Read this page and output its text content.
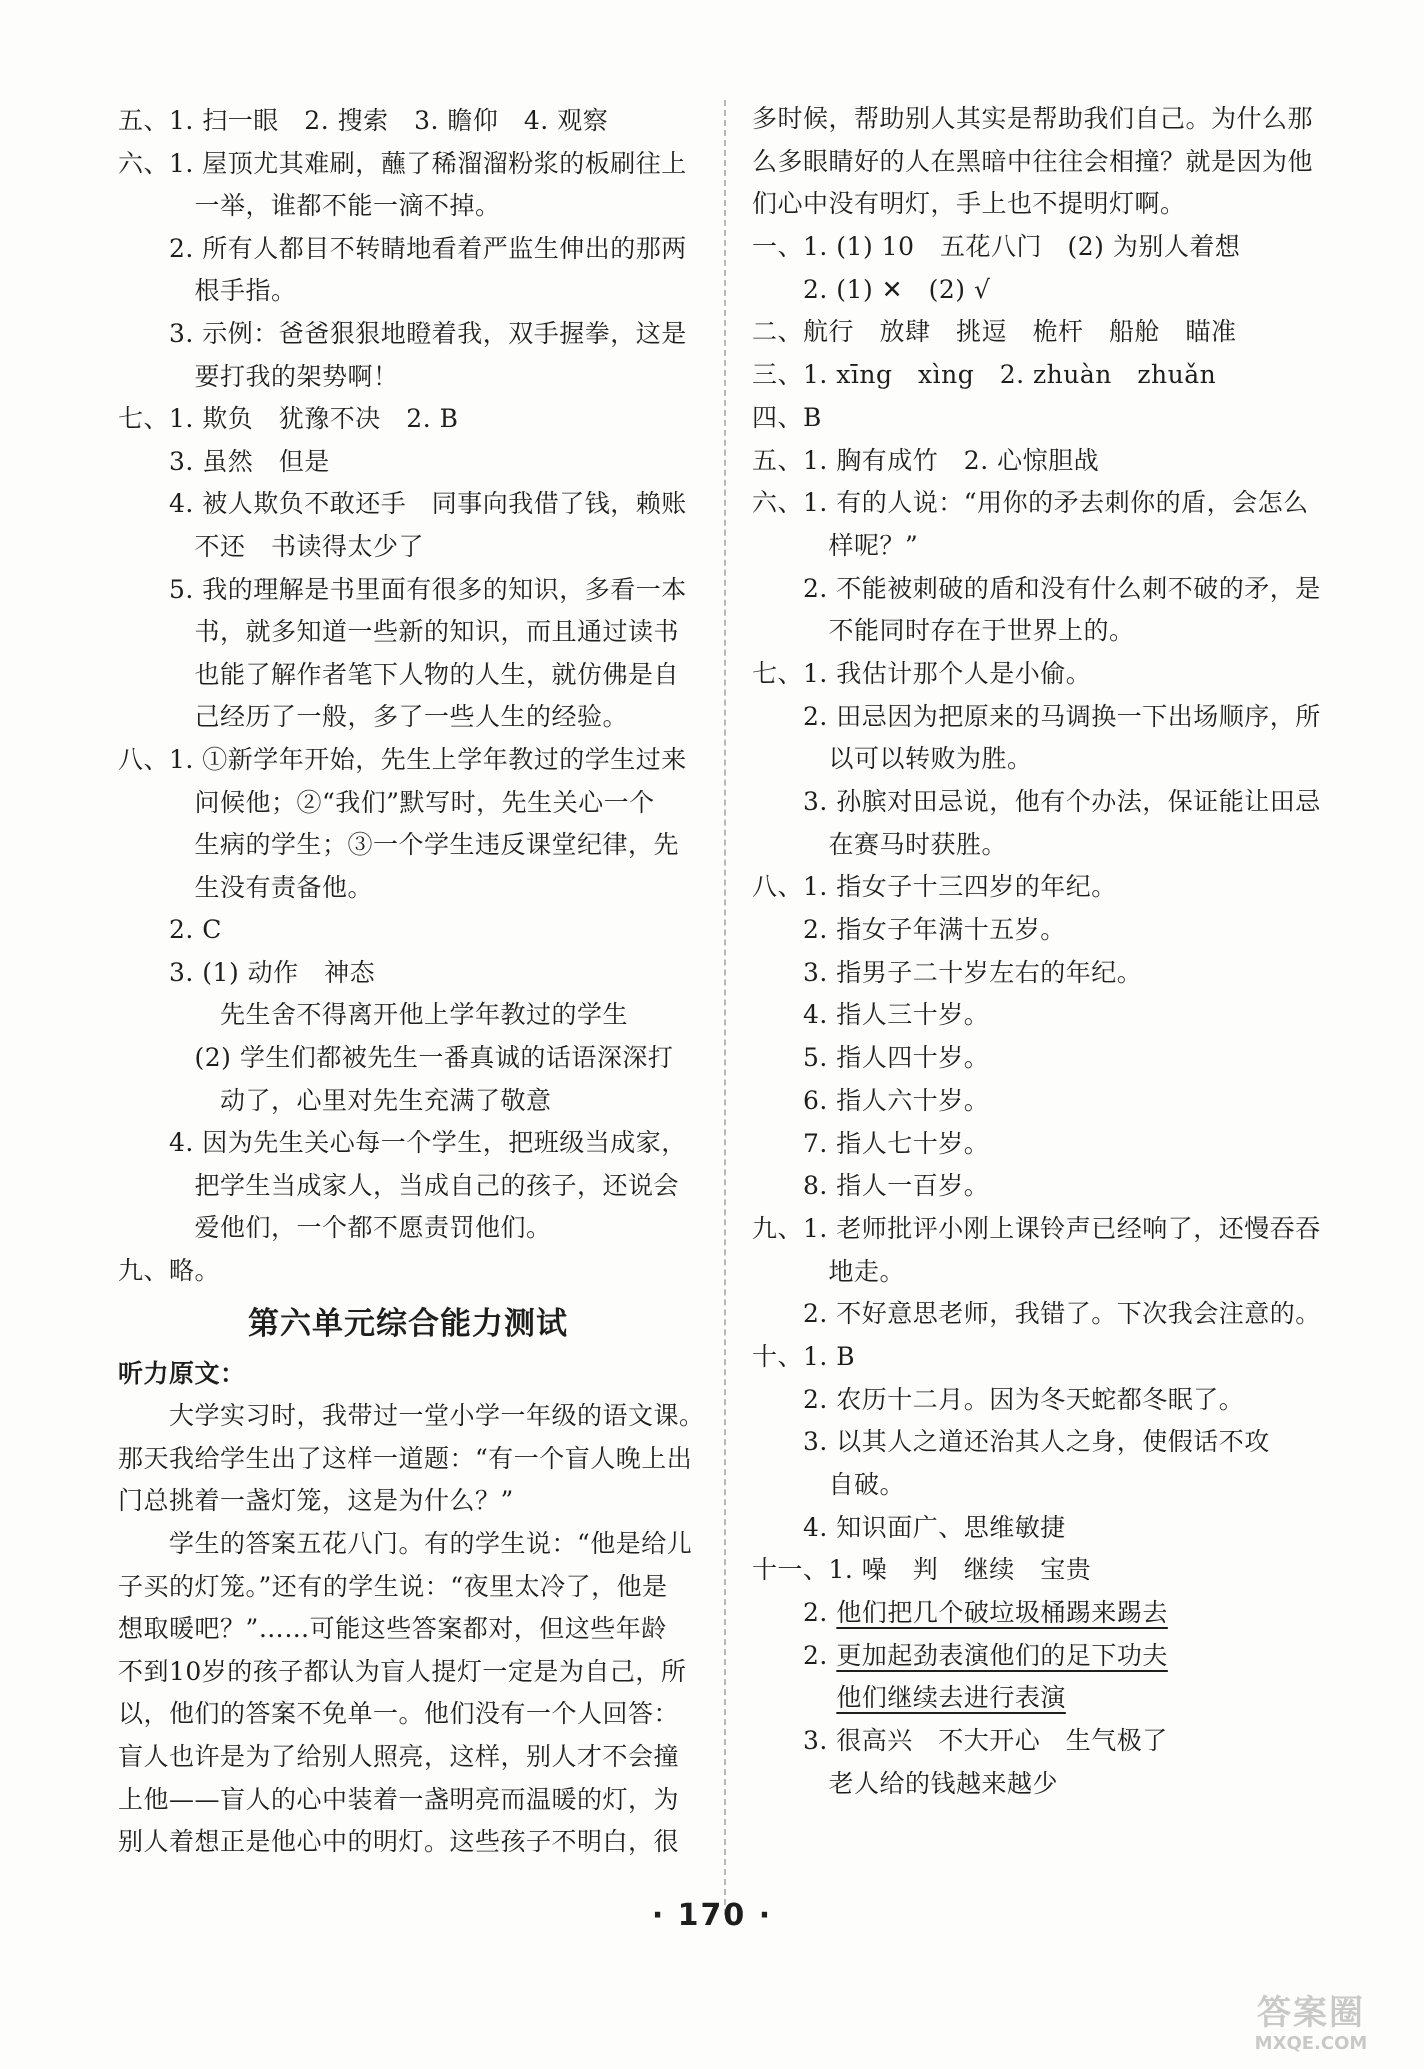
五、1. 扫一眼　2. 搜索　3. 瞻仰　4. 观察
六、1. 屋顶尤其难刷，蘸了稀溜溜粉浆的板刷往上
　　　一举，谁都不能一滴不掉。
　　2. 所有人都目不转睛地看着严监生伸出的那两
　　　根手指。
　　3. 示例：爸爸狠狠地瞪着我，双手握拳，这是
　　　要打我的架势啊！
七、1. 欺负　犹豫不决　2. B
　　3. 虽然　但是
　　4. 被人欺负不敢还手　同事向我借了钱，赖账
　　　不还　书读得太少了
　　5. 我的理解是书里面有很多的知识，多看一本
　　　书，就多知道一些新的知识，而且通过读书
　　　也能了解作者笔下人物的人生，就仿佛是自
　　　己经历了一般，多了一些人生的经验。
八、1. ①新学年开始，先生上学年教过的学生过来
　　　问候他；②“我们”默写时，先生关心一个
　　　生病的学生；③一个学生违反课堂纪律，先
　　　生没有责备他。
　　2. C
　　3. (1) 动作　神态
　　　　先生舍不得离开他上学年教过的学生
　　　(2) 学生们都被先生一番真诚的话语深深打
　　　　动了，心里对先生充满了敬意
　　4. 因为先生关心每一个学生，把班级当成家，
　　　把学生当成家人，当成自己的孩子，还说会
　　　爱他们，一个都不愿责罚他们。
九、略。
第六单元综合能力测试
听力原文：
　　大学实习时，我带过一堂小学一年级的语文课。
那天我给学生出了这样一道题：“有一个盲人晚上出
门总挑着一盏灯笼，这是为什么？”
　　学生的答案五花八门。有的学生说：“他是给儿
子买的灯笼。”还有的学生说：“夜里太冷了，他是
想取暖吧？”……可能这些答案都对，但这些年龄
不到10岁的孩子都认为盲人提灯一定是为自己，所
以，他们的答案不免单一。他们没有一个人回答：
盲人也许是为了给别人照亮，这样，别人才不会撞
上他——盲人的心中装着一盏明亮而温暖的灯，为
别人着想正是他心中的明灯。这些孩子不明白，很
多时候，帮助别人其实是帮助我们自己。为什么那
么多眼睛好的人在黑暗中往往会相撞？就是因为他
们心中没有明灯，手上也不提明灯啊。
一、1. (1) 10　五花八门　(2) 为别人着想
　　2. (1) ✕　(2) √
二、航行　放肆　挑逗　桅杆　船舱　瞄准
三、1. xīng　xìng　2. zhuàn　zhuǎn
四、B
五、1. 胸有成竹　2. 心惊胆战
六、1. 有的人说：“用你的矛去刺你的盾，会怎么
　　　样呢？”
　　2. 不能被刺破的盾和没有什么刺不破的矛，是
　　　不能同时存在于世界上的。
七、1. 我估计那个人是小偷。
　　2. 田忌因为把原来的马调换一下出场顺序，所
　　　以可以转败为胜。
　　3. 孙膑对田忌说，他有个办法，保证能让田忌
　　　在赛马时获胜。
八、1. 指女子十三四岁的年纪。
　　2. 指女子年满十五岁。
　　3. 指男子二十岁左右的年纪。
　　4. 指人三十岁。
　　5. 指人四十岁。
　　6. 指人六十岁。
　　7. 指人七十岁。
　　8. 指人一百岁。
九、1. 老师批评小刚上课铃声已经响了，还慢吞吞
　　　地走。
　　2. 不好意思老师，我错了。下次我会注意的。
十、1. B
　　2. 农历十二月。因为冬天蛇都冬眠了。
　　3. 以其人之道还治其人之身，使假话不攻
　　　自破。
　　4. 知识面广、思维敏捷
十一、1. 噪　判　继续　宝贵
　　2. 他们把几个破垃圾桶踢来踢去
　　2. 更加起劲表演他们的足下功夫
他们继续去进行表演
　　3. 很高兴　不大开心　生气极了
　　　老人给的钱越来越少
· 170 ·
答案圈
MXQE.COM
